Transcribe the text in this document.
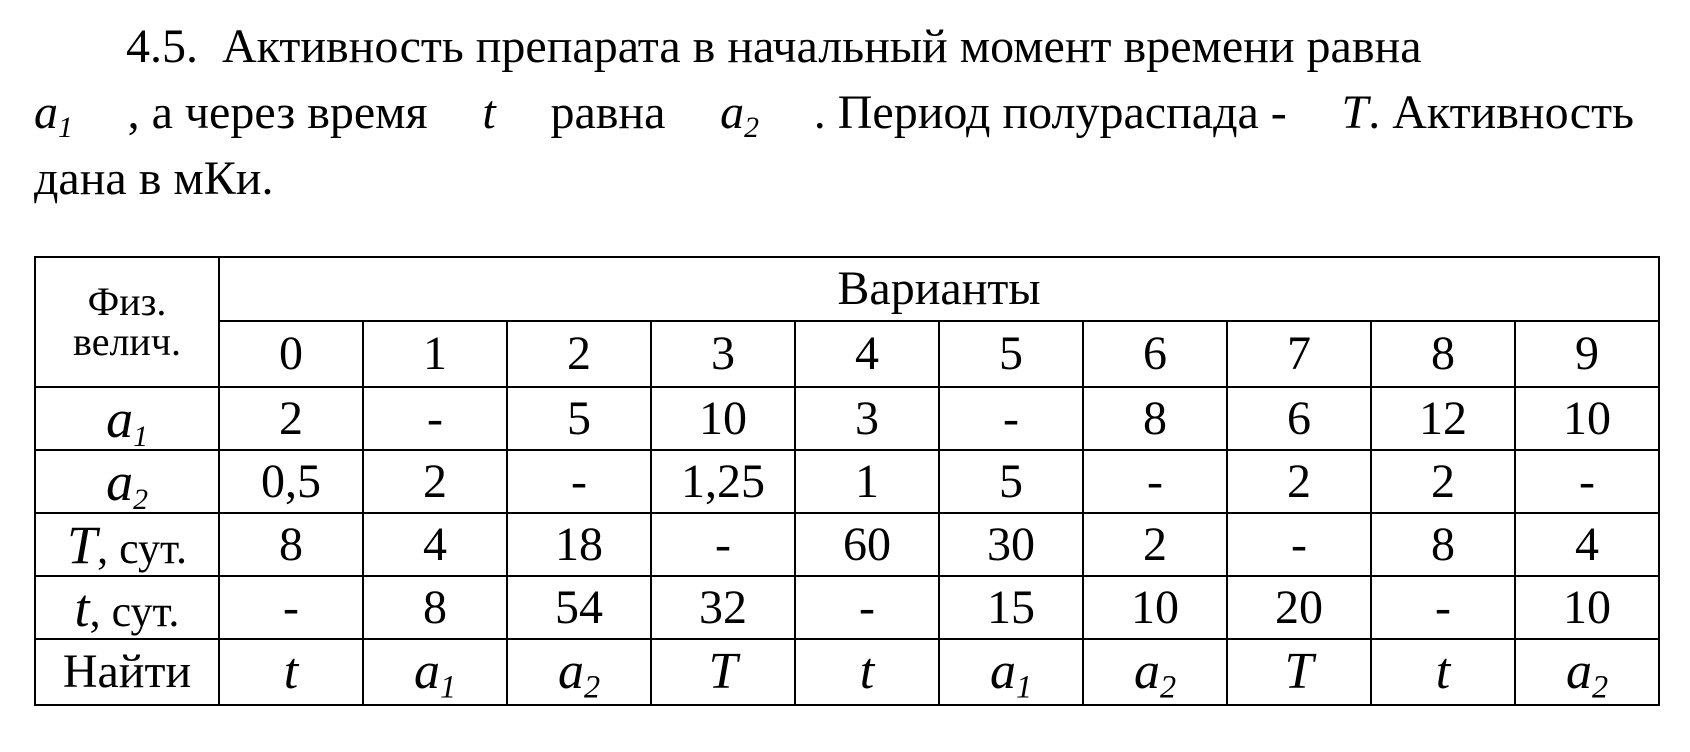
4.5. Активность препарата в начальный момент времени равна
$a_1$ , а через время t равна $a_2$ . Период полураспада - T. Активность
дана в мКи.
Физ.
велич.	Варианты									
	0	1	2	3	4	5	6	7	8	9
$a_1$	2	-	5	10	3	-	8	6	12	10
$a_2$	0,5	2	-	1,25	1	5	-	2	2	-
T, сут.	8	4	18	-	60	30	2	-	8	4
t, сут.	-	8	54	32	-	15	10	20	-	10
Найти	t	$a_1$	$a_2$	T	t	$a_1$	$a_2$	T	t	$a_2$
